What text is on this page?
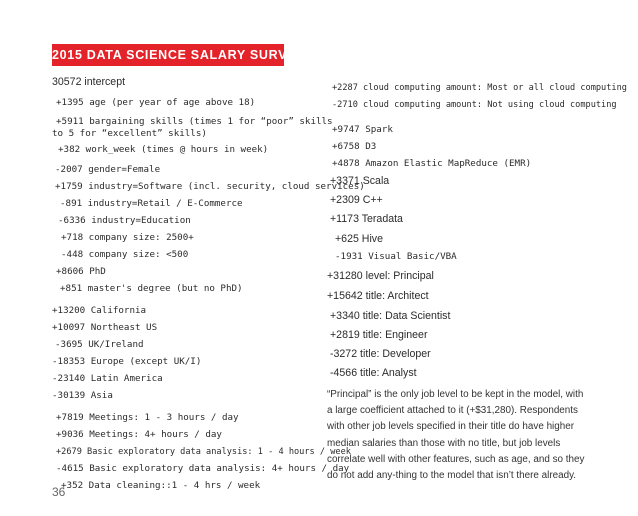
2015 DATA SCIENCE SALARY SURVEY
30572 intercept
+1395 age (per year of age above 18)
+5911 bargaining skills (times 1 for “poor” skills
to 5 for “excellent” skills)
+382 work_week (times @ hours in week)
-2007 gender=Female
+1759 industry=Software (incl. security, cloud services)
-891 industry=Retail / E-Commerce
-6336 industry=Education
+718 company size: 2500+
-448 company size: <500
+8606 PhD
+851 master's degree (but no PhD)
+13200 California
+10097 Northeast US
-3695 UK/Ireland
-18353 Europe (except UK/I)
-23140 Latin America
-30139 Asia
+7819 Meetings: 1 - 3 hours / day
+9036 Meetings: 4+ hours / day
+2679 Basic exploratory data analysis: 1 - 4 hours / week
-4615 Basic exploratory data analysis: 4+ hours / day
+352 Data cleaning::1 - 4 hrs / week
+2287 cloud computing amount: Most or all cloud computing
-2710 cloud computing amount: Not using cloud computing
+9747 Spark
+6758 D3
+4878 Amazon Elastic MapReduce (EMR)
+3371 Scala
+2309 C++
+1173 Teradata
+625 Hive
-1931 Visual Basic/VBA
+31280 level: Principal
+15642 title: Architect
+3340 title: Data Scientist
+2819 title: Engineer
-3272 title: Developer
-4566 title: Analyst
“Principal” is the only job level to be kept in the model, with a large coefficient attached to it (+$31,280). Respondents with other job levels specified in their title do have higher median salaries than those with no title, but job levels correlate well with other features, such as age, and so they do not add any-thing to the model that isn’t there already.
36
